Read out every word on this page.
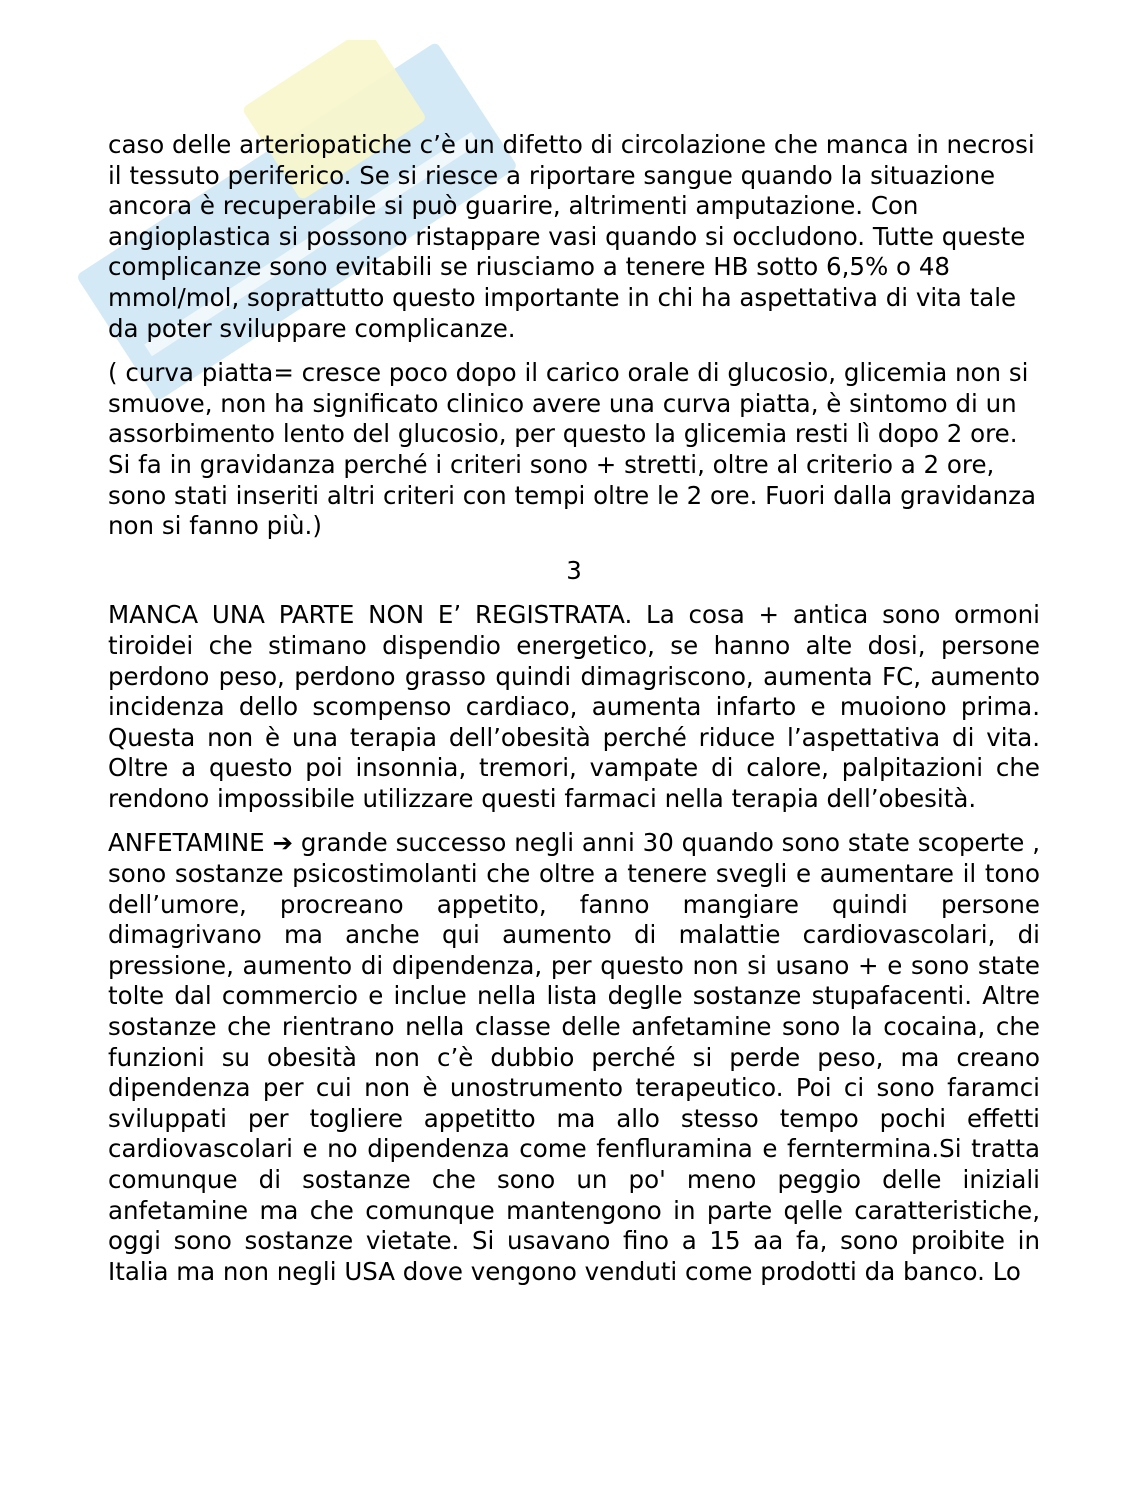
caso delle arteriopatiche c’è un difetto di circolazione che manca in necrosi il tessuto periferico. Se si riesce a riportare sangue quando la situazione ancora è recuperabile si può guarire, altrimenti amputazione. Con angioplastica si possono ristappare vasi quando si occludono. Tutte queste complicanze sono evitabili se riusciamo a tenere HB sotto 6,5% o 48 mmol/mol, soprattutto questo importante in chi ha aspettativa di vita tale da poter sviluppare complicanze.

( curva piatta= cresce poco dopo il carico orale di glucosio, glicemia non si smuove, non ha significato clinico avere una curva piatta, è sintomo di un assorbimento lento del glucosio, per questo la glicemia resti lì dopo 2 ore. Si fa in gravidanza perché i criteri sono + stretti, oltre al criterio a 2 ore, sono stati inseriti altri criteri con tempi oltre le 2 ore. Fuori dalla gravidanza non si fanno più.)

3

MANCA UNA PARTE NON E’ REGISTRATA. La cosa + antica sono ormoni tiroidei che stimano dispendio energetico, se hanno alte dosi, persone perdono peso, perdono grasso quindi dimagriscono, aumenta FC, aumento incidenza dello scompenso cardiaco, aumenta infarto e muoiono prima. Questa non è una terapia dell’obesità perché riduce l’aspettativa di vita. Oltre a questo poi insonnia, tremori, vampate di calore, palpitazioni che rendono impossibile utilizzare questi farmaci nella terapia dell’obesità.

ANFETAMINE ➔ grande successo negli anni 30 quando sono state scoperte , sono sostanze psicostimolanti che oltre a tenere svegli e aumentare il tono dell’umore, procreano appetito, fanno mangiare quindi persone dimagrivano ma anche qui aumento di malattie cardiovascolari, di pressione, aumento di dipendenza, per questo non si usano + e sono state tolte dal commercio e inclue nella lista deglle sostanze stupafacenti. Altre sostanze che rientrano nella classe delle anfetamine sono la cocaina, che funzioni su obesità non c’è dubbio perché si perde peso, ma creano dipendenza per cui non è unostrumento terapeutico. Poi ci sono faramci sviluppati per togliere appetitto ma allo stesso tempo pochi effetti cardiovascolari e no dipendenza come fenfluramina e ferntermina.Si tratta comunque di sostanze che sono un po' meno peggio delle iniziali anfetamine ma che comunque mantengono in parte qelle caratteristiche, oggi sono sostanze vietate. Si usavano fino a 15 aa fa, sono proibite in Italia ma non negli USA dove vengono venduti come prodotti da banco. Lo
